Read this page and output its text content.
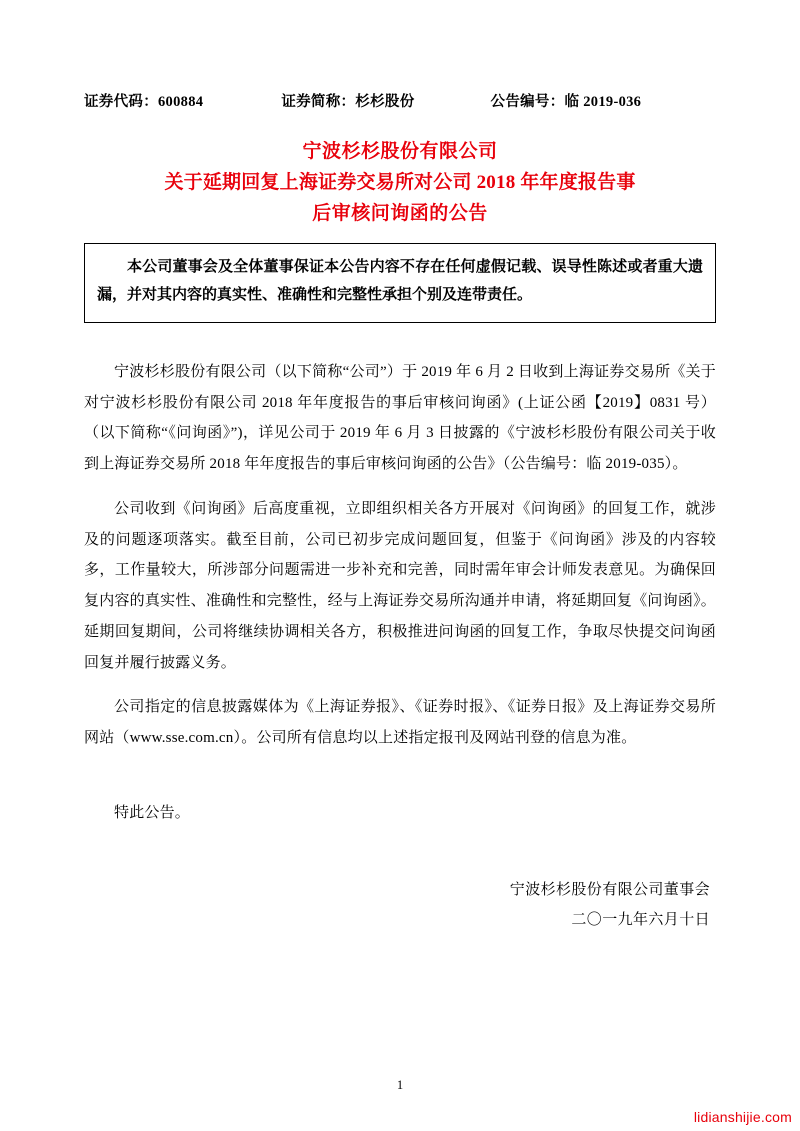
证券代码：600884	证券简称：杉杉股份	公告编号：临 2019-036
宁波杉杉股份有限公司
关于延期回复上海证券交易所对公司 2018 年年度报告事
后审核问询函的公告

本公司董事会及全体董事保证本公告内容不存在任何虚假记载、误导性陈述或者重大遗漏，并对其内容的真实性、准确性和完整性承担个别及连带责任。

宁波杉杉股份有限公司（以下简称“公司”）于 2019 年 6 月 2 日收到上海证券交易所《关于对宁波杉杉股份有限公司 2018 年年度报告的事后审核问询函》(上证公函【2019】0831 号）（以下简称“《问询函》”)，详见公司于 2019 年 6 月 3 日披露的《宁波杉杉股份有限公司关于收到上海证券交易所 2018 年年度报告的事后审核问询函的公告》（公告编号：临 2019-035）。

公司收到《问询函》后高度重视，立即组织相关各方开展对《问询函》的回复工作，就涉及的问题逐项落实。截至目前，公司已初步完成问题回复，但鉴于《问询函》涉及的内容较多，工作量较大，所涉部分问题需进一步补充和完善，同时需年审会计师发表意见。为确保回复内容的真实性、准确性和完整性，经与上海证券交易所沟通并申请，将延期回复《问询函》。延期回复期间，公司将继续协调相关各方，积极推进问询函的回复工作，争取尽快提交问询函回复并履行披露义务。

公司指定的信息披露媒体为《上海证券报》、《证券时报》、《证券日报》及上海证券交易所网站（www.sse.com.cn）。公司所有信息均以上述指定报刊及网站刊登的信息为准。

特此公告。

宁波杉杉股份有限公司董事会
二〇一九年六月十日
1
lidianshijie.com
